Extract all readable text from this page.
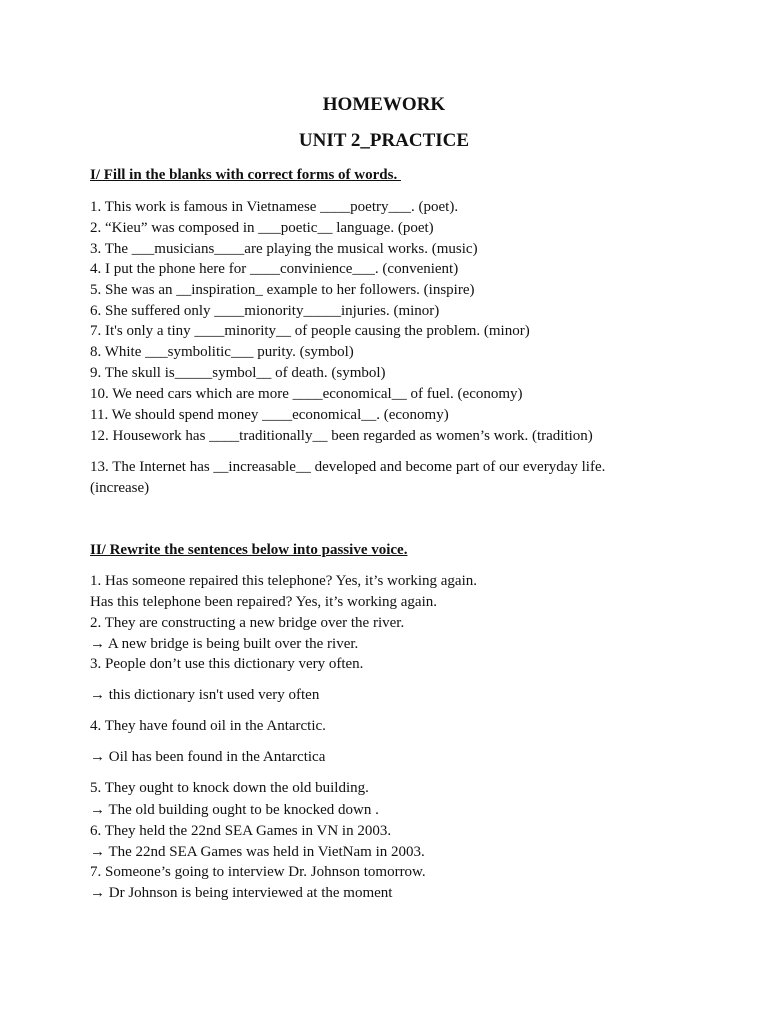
HOMEWORK
UNIT 2_PRACTICE
I/ Fill in the blanks with correct forms of words.
1. This work is famous in Vietnamese ____poetry___. (poet).
2. “Kieu” was composed in ___poetic__ language. (poet)
3. The ___musicians____are playing the musical works. (music)
4. I put the phone here for ____convinience___. (convenient)
5. She was an __inspiration_ example to her followers. (inspire)
6. She suffered only ____mionority_____injuries. (minor)
7. It's only a tiny ____minority__ of people causing the problem. (minor)
8. White ___symbolitic___ purity. (symbol)
9. The skull is_____symbol__ of death. (symbol)
10. We need cars which are more ____economical__ of fuel. (economy)
11. We should spend money ____economical__. (economy)
12. Housework has ____traditionally__ been regarded as women’s work. (tradition)
13. The Internet has __increasable__ developed and become part of our everyday life.
(increase)
II/ Rewrite the sentences below into passive voice.
1. Has someone repaired this telephone? Yes, it’s working again.
Has this telephone been repaired? Yes, it’s working again.
2. They are constructing a new bridge over the river.
→ A new bridge is being built over the river.
3. People don’t use this dictionary very often.
→ this dictionary isn't used very often
4. They have found oil in the Antarctic.
→ Oil has been found in the Antarctica
5. They ought to knock down the old building.
→ The old building ought to be knocked down .
6. They held the 22nd SEA Games in VN in 2003.
→ The 22nd SEA Games was held in VietNam in 2003.
7. Someone’s going to interview Dr. Johnson tomorrow.
→ Dr Johnson is being interviewed at the moment
